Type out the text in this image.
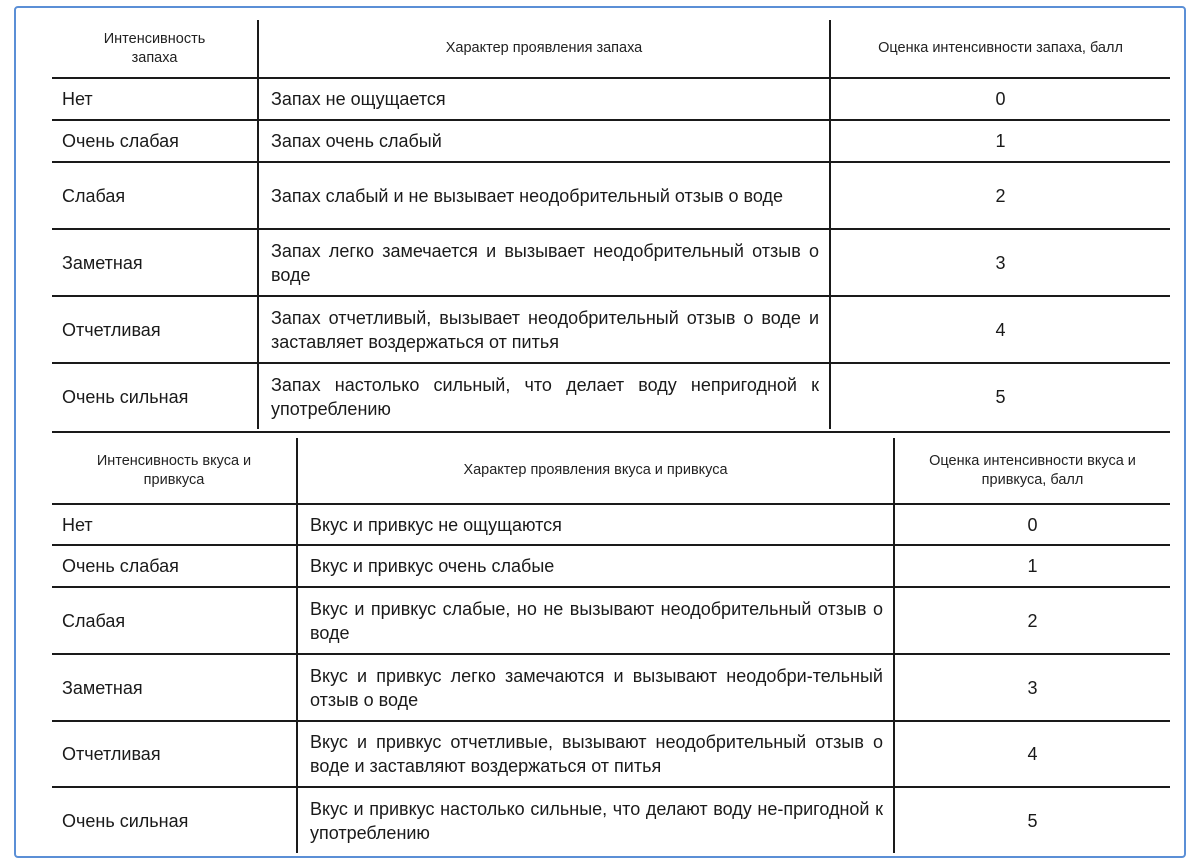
Интенсивность запаха	Характер проявления запаха	Оценка интенсивности запаха, балл
Нет	Запах не ощущается	0
Очень слабая	Запах очень слабый	1
Слабая	Запах слабый и не вызывает неодобрительный отзыв о воде	2
Заметная	Запах легко замечается и вызывает неодобрительный отзыв о воде	3
Отчетливая	Запах отчетливый, вызывает неодобрительный отзыв о воде и заставляет воздержаться от питья	4
Очень сильная	Запах настолько сильный, что делает воду непригодной к употреблению	5
Интенсивность вкуса и привкуса	Характер проявления вкуса и привкуса	Оценка интенсивности вкуса и привкуса, балл
Нет	Вкус и привкус не ощущаются	0
Очень слабая	Вкус и привкус очень слабые	1
Слабая	Вкус и привкус слабые, но не вызывают неодобрительный отзыв о воде	2
Заметная	Вкус и привкус легко замечаются и вызывают неодобри-тельный отзыв о воде	3
Отчетливая	Вкус и привкус отчетливые, вызывают неодобрительный отзыв о воде и заставляют воздержаться от питья	4
Очень сильная	Вкус и привкус настолько сильные, что делают воду не-пригодной к употреблению	5
